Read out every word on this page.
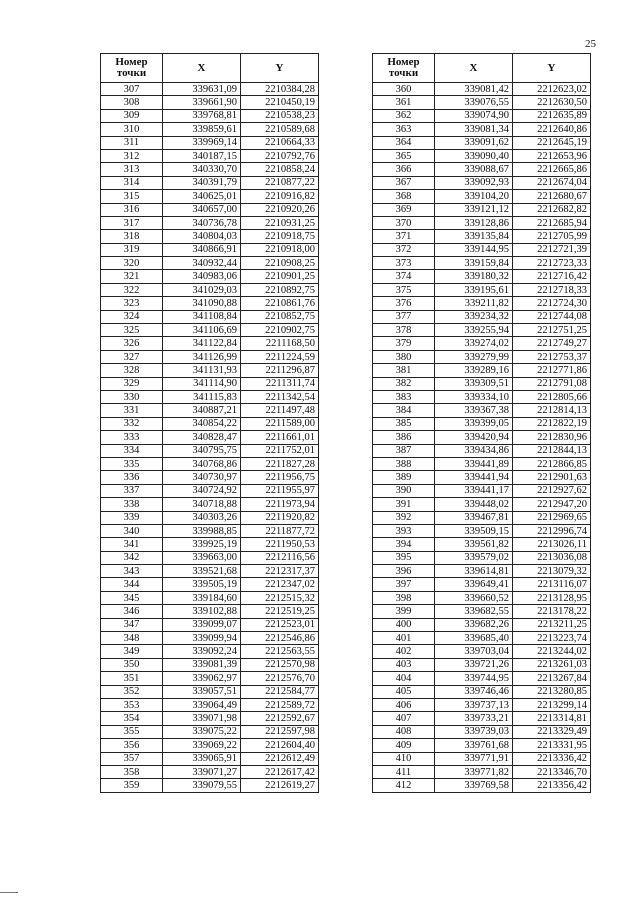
25
Номер точки	X	Y
307	339631,09	2210384,28
308	339661,90	2210450,19
309	339768,81	2210538,23
310	339859,61	2210589,68
311	339969,14	2210664,33
312	340187,15	2210792,76
313	340330,70	2210858,24
314	340391,79	2210877,22
315	340625,01	2210916,82
316	340657,00	2210920,26
317	340736,78	2210931,25
318	340804,03	2210918,75
319	340866,91	2210918,00
320	340932,44	2210908,25
321	340983,06	2210901,25
322	341029,03	2210892,75
323	341090,88	2210861,76
324	341108,84	2210852,75
325	341106,69	2210902,75
326	341122,84	2211168,50
327	341126,99	2211224,59
328	341131,93	2211296,87
329	341114,90	2211311,74
330	341115,83	2211342,54
331	340887,21	2211497,48
332	340854,22	2211589,00
333	340828,47	2211661,01
334	340795,75	2211752,01
335	340768,86	2211827,28
336	340730,97	2211956,75
337	340724,92	2211955,97
338	340718,88	2211973,94
339	340303,26	2211920,82
340	339988,85	2211877,72
341	339925,19	2211950,53
342	339663,00	2212116,56
343	339521,68	2212317,37
344	339505,19	2212347,02
345	339184,60	2212515,32
346	339102,88	2212519,25
347	339099,07	2212523,01
348	339099,94	2212546,86
349	339092,24	2212563,55
350	339081,39	2212570,98
351	339062,97	2212576,70
352	339057,51	2212584,77
353	339064,49	2212589,72
354	339071,98	2212592,67
355	339075,22	2212597,98
356	339069,22	2212604,40
357	339065,91	2212612,49
358	339071,27	2212617,42
359	339079,55	2212619,27
Номер точки	X	Y
360	339081,42	2212623,02
361	339076,55	2212630,50
362	339074,90	2212635,89
363	339081,34	2212640,86
364	339091,62	2212645,19
365	339090,40	2212653,96
366	339088,67	2212665,86
367	339092,93	2212674,04
368	339104,20	2212680,67
369	339121,12	2212682,82
370	339128,86	2212685,94
371	339135,84	2212705,99
372	339144,95	2212721,39
373	339159,84	2212723,33
374	339180,32	2212716,42
375	339195,61	2212718,33
376	339211,82	2212724,30
377	339234,32	2212744,08
378	339255,94	2212751,25
379	339274,02	2212749,27
380	339279,99	2212753,37
381	339289,16	2212771,86
382	339309,51	2212791,08
383	339334,10	2212805,66
384	339367,38	2212814,13
385	339399,05	2212822,19
386	339420,94	2212830,96
387	339434,86	2212844,13
388	339441,89	2212866,85
389	339441,94	2212901,63
390	339441,17	2212927,62
391	339448,02	2212947,20
392	339467,81	2212969,65
393	339509,15	2212996,74
394	339561,82	2213026,11
395	339579,02	2213036,08
396	339614,81	2213079,32
397	339649,41	2213116,07
398	339660,52	2213128,95
399	339682,55	2213178,22
400	339682,26	2213211,25
401	339685,40	2213223,74
402	339703,04	2213244,02
403	339721,26	2213261,03
404	339744,95	2213267,84
405	339746,46	2213280,85
406	339737,13	2213299,14
407	339733,21	2213314,81
408	339739,03	2213329,49
409	339761,68	2213331,95
410	339771,91	2213336,42
411	339771,82	2213346,70
412	339769,58	2213356,42
